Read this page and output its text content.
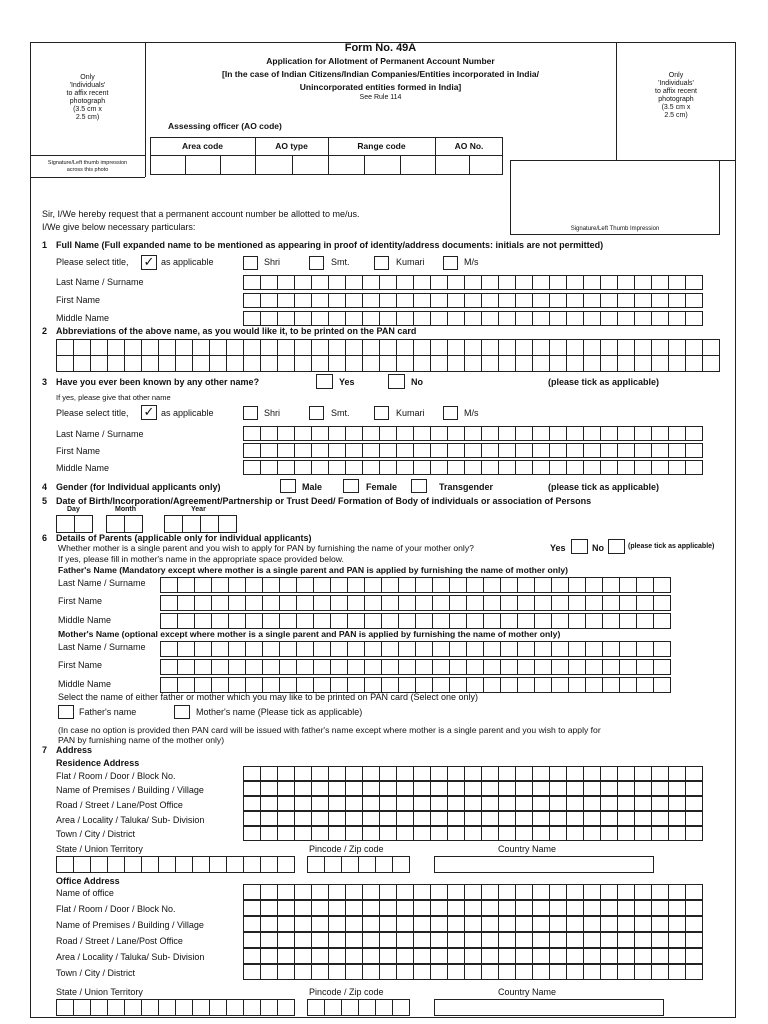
Only
'Individuals'
to affix recent
photograph
(3.5 cm x
2.5 cm)
Signature/Left thumb impression
across this photo
Only
'Individuals'
to affix recent
photograph
(3.5 cm x
2.5 cm)
Signature/Left Thumb Impression
Form No. 49A
Application for Allotment of Permanent Account Number
[In the case of Indian Citizens/Indian Companies/Entities incorporated in India/
Unincorporated entities formed in India]
See Rule 114
Assessing officer (AO code)
Area code	AO type	Range code	AO No.
Sir, I/We hereby request that a permanent account number be allotted to me/us.
I/We give below necessary particulars:
1 Full Name (Full expanded name to be mentioned as appearing in proof of identity/address documents: initials are not permitted)
Please select title, ✓ as applicable	Shri	Smt.	Kumari	M/s
Last Name / Surname
First Name
Middle Name
2 Abbreviations of the above name, as you would like it, to be printed on the PAN card
3 Have you ever been known by any other name?	Yes	No	(please tick as applicable)
If yes, please give that other name
Please select title, ✓ as applicable	Shri	Smt.	Kumari	M/s
Last Name / Surname
First Name
Middle Name
4 Gender (for Individual applicants only)	Male	Female	Transgender	(please tick as applicable)
5 Date of Birth/Incorporation/Agreement/Partnership or Trust Deed/ Formation of Body of individuals or association of Persons
Day	Month	Year
6 Details of Parents (applicable only for individual applicants)
Whether mother is a single parent and you wish to apply for PAN by furnishing the name of your mother only?	Yes	No	(please tick as applicable)
If yes, please fill in mother's name in the appropriate space provided below.
Father's Name (Mandatory except where mother is a single parent and PAN is applied by furnishing the name of mother only)
Last Name / Surname
First Name
Middle Name
Mother's Name (optional except where mother is a single parent and PAN is applied by furnishing the name of mother only)
Last Name / Surname
First Name
Middle Name
Select the name of either father or mother which you may like to be printed on PAN card (Select one only)
Father's name	Mother's name (Please tick as applicable)
(In case no option is provided then PAN card will be issued with father's name except where mother is a single parent and you wish to apply for
PAN by furnishing name of the mother only)
7 Address
Residence Address
Flat / Room / Door / Block No.
Name of Premises / Building / Village
Road / Street / Lane/Post Office
Area / Locality / Taluka/ Sub- Division
Town / City / District
State / Union Territory	Pincode / Zip code	Country Name
Office Address
Name of office
Flat / Room / Door / Block No.
Name of Premises / Building / Village
Road / Street / Lane/Post Office
Area / Locality / Taluka/ Sub- Division
Town / City / District
State / Union Territory	Pincode / Zip code	Country Name
